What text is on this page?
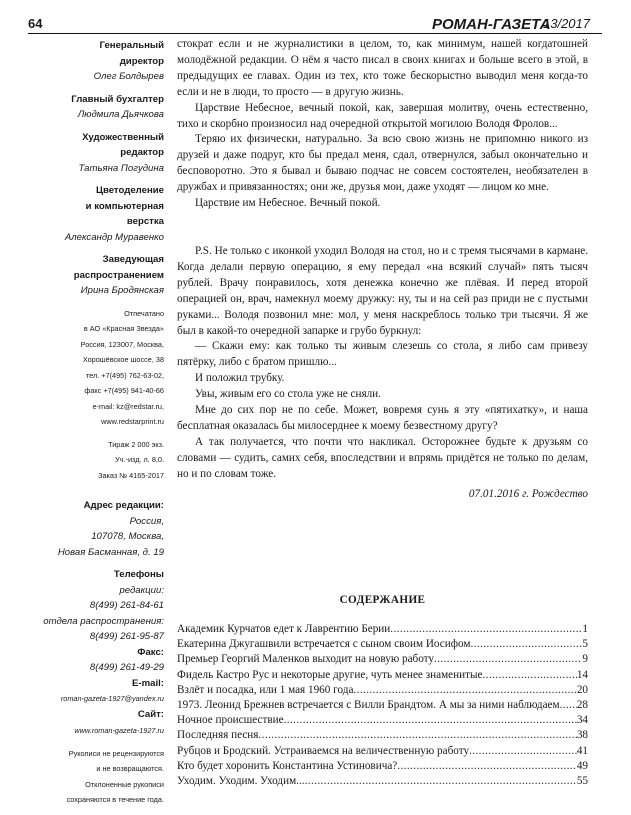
64	РОМАН-ГАЗЕТА
13/2017
Генеральный
директор
Олег Болдырев
Главный бухгалтер
Людмила Дьячкова
Художественный
редактор
Татьяна Погудина
Цветоделение
и компьютерная
верстка
Александр Муравенко
Заведующая
распространением
Ирина Бродянская
Отпечатано
в АО «Красная Звезда»
Россия, 123007, Москва,
Хорошёвское шоссе, 38
тел. +7(495) 762-63-02,
факс +7(495) 941-40-66
e-mail: kz@redstar.ru,
www.redstarprint.ru
Тираж 2 000 экз.
Уч.-изд. л. 8,0.
Заказ № 4165-2017
Адрес редакции:
Россия,
107078, Москва,
Новая Басманная, д. 19
Телефоны
редакции:
8(499) 261-84-61
отдела распространения:
8(499) 261-95-87
Факс:
8(499) 261-49-29
E-mail:
roman-gazeta-1927@yandex.ru
Сайт:
www.roman-gazeta-1927.ru
Рукописи не рецензируются
и не возвращаются.
Отклоненные рукописи
сохраняются в течение года.

стократ если и не журналистики в целом, то, как минимум, нашей когдатошней молодёжной редакции. О нём я часто писал в своих книгах и больше всего в этой, в предыдущих ее главах. Один из тех, кто тоже бескорыстно выводил меня когда-то если и не в люди, то просто — в другую жизнь.

Царствие Небесное, вечный покой, как, завершая молитву, очень естественно, тихо и скорбно произносил над очередной открытой могилою Володя Фролов...

Теряю их физически, натурально. За всю свою жизнь не припомню никого из друзей и даже подруг, кто бы предал меня, сдал, отвернулся, забыл окончательно и бесповоротно. Это я бывал и бываю подчас не совсем состоятелен, необязателен в дружбах и привязанностях; они же, друзья мои, даже уходят — лицом ко мне.

Царствие им Небесное. Вечный покой.

P.S. Не только с иконкой уходил Володя на стол, но и с тремя тысячами в кармане. Когда делали первую операцию, я ему передал «на всякий случай» пять тысяч рублей. Врачу понравилось, хотя денежка конечно же плёвая. И перед второй операцией он, врач, намекнул моему дружку: ну, ты и на сей раз приди не с пустыми руками... Володя позвонил мне: мол, у меня наскреблось только три тысячи. Я же был в какой-то очередной запарке и грубо буркнул:

— Скажи ему: как только ты живым слезешь со стола, я либо сам привезу пятёрку, либо с братом пришлю...

И положил трубку.

Увы, живым его со стола уже не сняли.

Мне до сих пор не по себе. Может, вовремя сунь я эту «пятихатку», и наша бесплатная оказалась бы милосерднее к моему безвестному другу?

А так получается, что почти что накликал. Осторожнее будьте к друзьям со словами — судить, самих себя, впоследствии и впрямь придётся не только по делам, но и по словам тоже.

07.01.2016 г. Рождество

СОДЕРЖАНИЕ
Академик Курчатов едет к Лаврентию Берии .....	1
Екатерина Джугашвили встречается с сыном своим Иосифом .....	5
Премьер Георгий Маленков выходит на новую работу .....	9
Фидель Кастро Рус и некоторые другие, чуть менее знаменитые .....	14
Взлёт и посадка, или 1 мая 1960 года .....	20
1973. Леонид Брежнев встречается с Вилли Брандтом. А мы за ними наблюдаем ..... 28
Ночное происшествие .....	34
Последняя песня .....	38
Рубцов и Бродский. Устраиваемся на величественную работу .....	41
Кто будет хоронить Константина Устиновича? .....	49
Уходим. Уходим. Уходим... .....	55
